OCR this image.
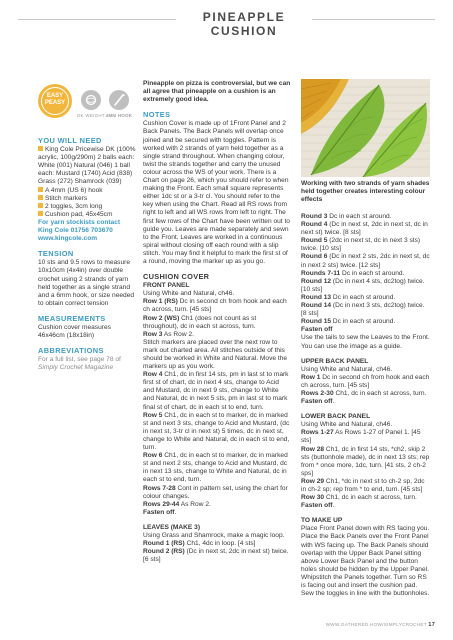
PINEAPPLE CUSHION
EASY
PEASY
DK WEIGHT 4MM HOOK
YOU WILL NEED

King Cole Pricewise DK (100% acrylic, 100g/290m) 2 balls each: White (001) Natural (046) 1 ball each: Mustard (1740) Acid (838) Grass (272) Shamrock (039)

A 4mm (US 6) hook

Stitch markers

2 toggles, 3cm long

Cushion pad, 45x45cm

For yarn stockists contact

King Cole 01756 703670

www.kingcole.com

TENSION

10 sts and 9.5 rows to measure 10x10cm (4x4in) over double crochet using 2 strands of yarn held together as a single strand and a 6mm hook, or size needed to obtain correct tension

MEASUREMENTS

Cushion cover measures 46x46cm (18x18in)

ABBREVIATIONS

For a full list, see page 78 of Simply Crochet Magazine

Pineapple on pizza is controversial, but we can all agree that pineapple on a cushion is an extremely good idea.

NOTES

Cushion Cover is made up of 1Front Panel and 2 Back Panels. The Back Panels will overlap once joined and be secured with toggles. Pattern is worked with 2 strands of yarn held together as a single strand throughout. When changing colour, twist the strands together and carry the unused colour across the WS of your work. There is a Chart on page 26, which you should refer to when making the Front. Each small square represents either 1dc st or a 3-tr cl. You should refer to the key when using the Chart. Read all RS rows from right to left and all WS rows from left to right. The first few rows of the Chart have been written out to guide you. Leaves are made separately and sewn to the Front. Leaves are worked in a continuous spiral without closing off each round with a slip stitch. You may find it helpful to mark the first st of a round, moving the marker up as you go.

CUSHION COVER
FRONT PANEL

Using White and Natural, ch46.

Row 1 (RS) Dc in second ch from hook and each ch across, turn. [45 sts]

Row 2 (WS) Ch1 (does not count as st throughout), dc in each st across, turn.

Row 3 As Row 2.

Stitch markers are placed over the next row to mark out charted area. All stitches outside of this should be worked in White and Natural. Move the markers up as you work.

Row 4 Ch1, dc in first 14 sts, pm in last st to mark first st of chart, dc in next 4 sts, change to Acid and Mustard, dc in next 9 sts, change to White and Natural, dc in next 5 sts, pm in last st to mark final st of chart, dc in each st to end, turn.

Row 5 Ch1, dc in each st to marker, dc in marked st and next 3 sts, change to Acid and Mustard, (dc in next st, 3-tr cl in next st) 5 times, dc in next st, change to White and Natural, dc in each st to end, turn.

Row 6 Ch1, dc in each st to marker, dc in marked st and next 2 sts, change to Acid and Mustard, dc in next 13 sts, change to White and Natural, dc in each st to end, turn.

Rows 7-28 Cont in pattern set, using the chart for colour changes.

Rows 29-44 As Row 2.

Fasten off.

LEAVES (MAKE 3)

Using Grass and Shamrock, make a magic loop.

Round 1 (RS) Ch1, 4dc in loop. [4 sts]

Round 2 (RS) (Dc in next st, 2dc in next st) twice. [6 sts]

Working with two strands of yarn shades held together creates interesting colour effects

Round 3 Dc in each st around.

Round 4 (Dc in next st, 2dc in next st, dc in next st) twice. [8 sts]

Round 5 (2dc in next st, dc in next 3 sts) twice. [10 sts]

Round 6 (Dc in next 2 sts, 2dc in next st, dc in next 2 sts) twice. [12 sts]

Rounds 7-11 Dc in each st around.

Round 12 (Dc in next 4 sts, dc2tog) twice. [10 sts]

Round 13 Dc in each st around.

Round 14 (Dc in next 3 sts, dc2tog) twice. [8 sts]

Round 15 Dc in each st around.

Fasten off

Use the tails to sew the Leaves to the Front. You can use the image as a guide.

UPPER BACK PANEL

Using White and Natural, ch46.

Row 1 Dc in second ch from hook and each ch across, turn. [45 sts]

Rows 2-30 Ch1, dc in each st across, turn.

Fasten off.

LOWER BACK PANEL

Using White and Natural, ch46.

Rows 1-27 As Rows 1-27 of Panel 1. [45 sts]

Row 28 Ch1, dc in first 14 sts, *ch2, skip 2 sts (buttonhole made), dc in next 13 sts; rep from * once more, 1dc, turn. [41 sts, 2 ch-2 sps]

Row 29 Ch1, *dc in next st to ch-2 sp, 2dc in ch-2 sp; rep from * to end, turn. [45 sts]

Row 30 Ch1, dc in each st across, turn.

Fasten off.

TO MAKE UP

Place Front Panel down with RS facing you. Place the Back Panels over the Front Panel with WS facing up. The Back Panels should overlap with the Upper Back Panel sitting above Lower Back Panel and the button holes should be hidden by the Upper Panel. Whipstitch the Panels together. Turn so RS is facing out and insert the cushion pad. Sew the toggles in line with the buttonholes.

WWW.GATHERED.HOW/SIMPLYCROCHET 17
